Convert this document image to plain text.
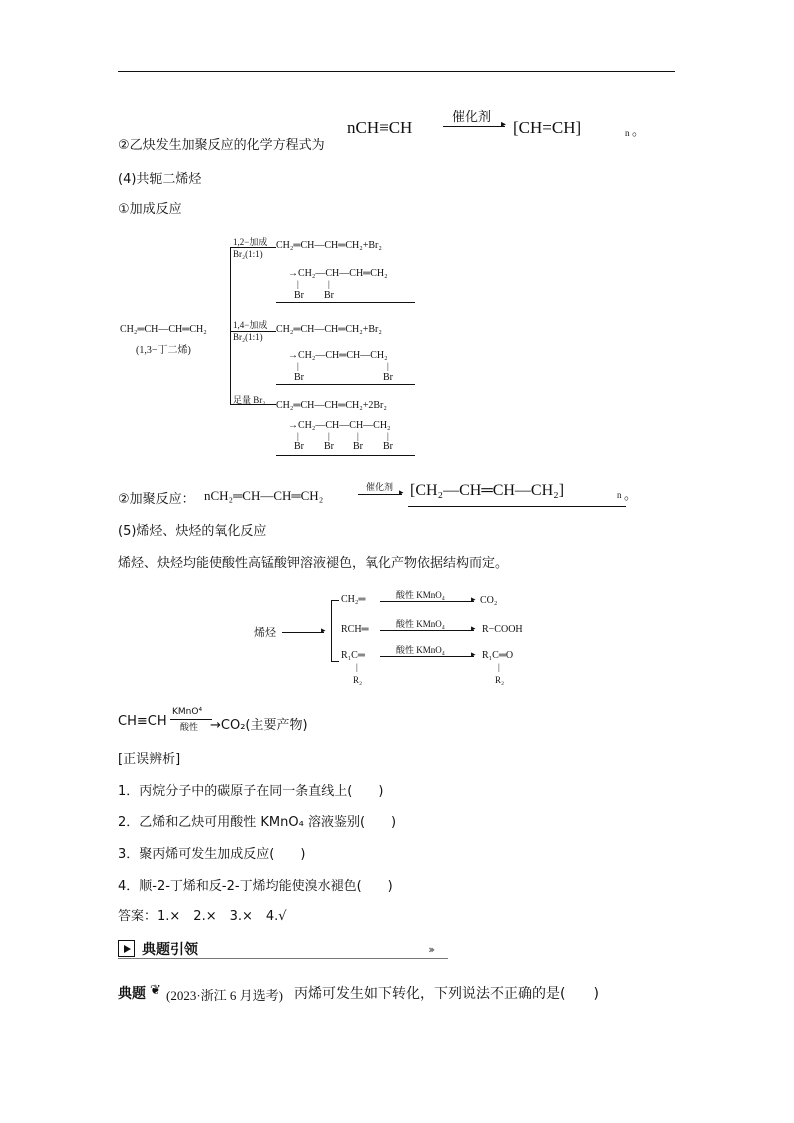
②乙炔发生加聚反应的化学方程式为
nCH≡CH
催化剂 ▸ [CH=CH]	n 。
(4)共轭二烯烃
①加成反应
CH₂═CH—CH═CH₂
(1,3−丁二烯)
1,2−加成
Br₂(1:1)
CH₂═CH—CH═CH₂+Br₂
→CH₂—CH—CH═CH₂
|	|
Br Br
1,4−加成
Br₂(1:1)
CH₂═CH—CH═CH₂+Br₂
→CH₂—CH═CH—CH₂
|	|
Br	Br
足量 Br₂ CH₂═CH—CH═CH₂+2Br₂
→CH₂—CH—CH—CH₂
|	|	|	|
Br Br Br Br
②加聚反应： nCH₂═CH—CH═CH₂	催化剂 ▸ [CH₂—CH═CH—CH₂]	n 。
(5)烯烃、炔烃的氧化反应
烯烃、炔烃均能使酸性高锰酸钾溶液褪色，氧化产物依据结构而定。
烯烃	▸
CH₂═	酸性 KMnO₄	▸ CO₂
RCH═	酸性 KMnO₄	▸ R−COOH
R₁C═
|
R₂
酸性 KMnO₄	▸ R₁C═O
|
R₂
CH≡CH
KMnO⁴
酸性 →CO₂(主要产物)
[正误辨析]
1．丙烷分子中的碳原子在同一条直线上(　　)
2．乙烯和乙炔可用酸性 KMnO₄ 溶液鉴别(　　)
3．聚丙烯可发生加成反应(　　)
4．顺-2-丁烯和反-2-丁烯均能使溴水褪色(　　)
答案：1.×　2.×　3.×　4.√
典题引领	›››
典题 ❦ (2023·浙江 6 月选考) 丙烯可发生如下转化，下列说法不正确的是(　　)
